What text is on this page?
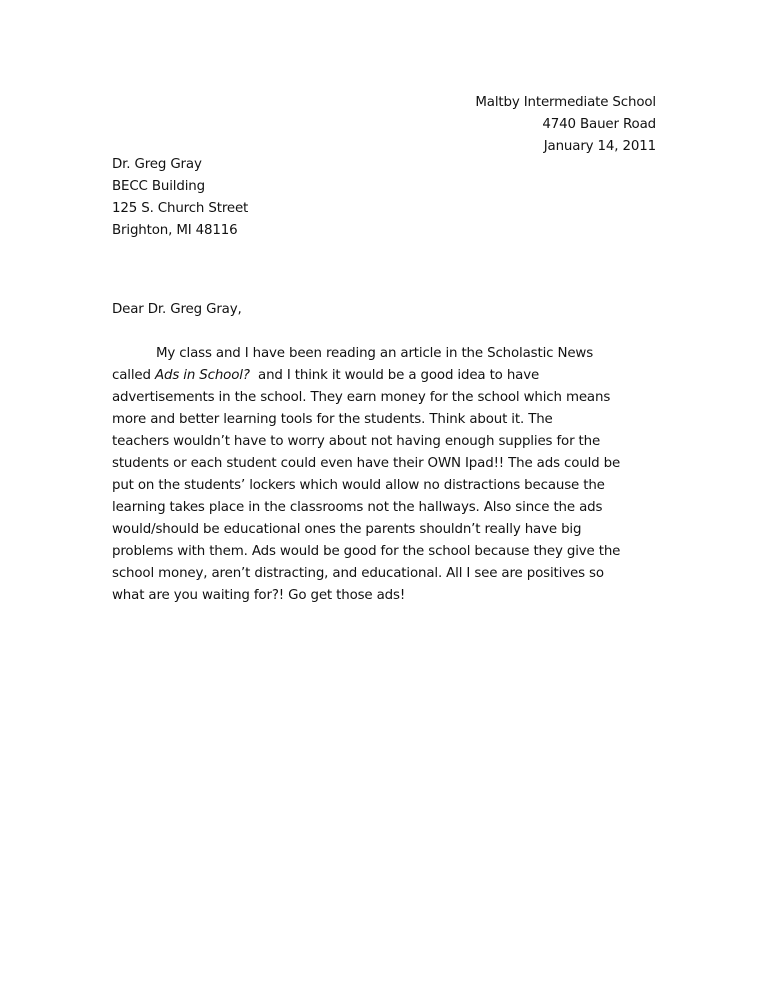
Maltby Intermediate School
4740 Bauer Road
January 14, 2011
Dr. Greg Gray
BECC Building
125 S. Church Street
Brighton, MI 48116
Dear Dr. Greg Gray,
My class and I have been reading an article in the Scholastic News
called Ads in School?  and I think it would be a good idea to have
advertisements in the school. They earn money for the school which means
more and better learning tools for the students. Think about it. The
teachers wouldn’t have to worry about not having enough supplies for the
students or each student could even have their OWN Ipad!! The ads could be
put on the students’ lockers which would allow no distractions because the
learning takes place in the classrooms not the hallways. Also since the ads
would/should be educational ones the parents shouldn’t really have big
problems with them. Ads would be good for the school because they give the
school money, aren’t distracting, and educational. All I see are positives so
what are you waiting for?! Go get those ads!
